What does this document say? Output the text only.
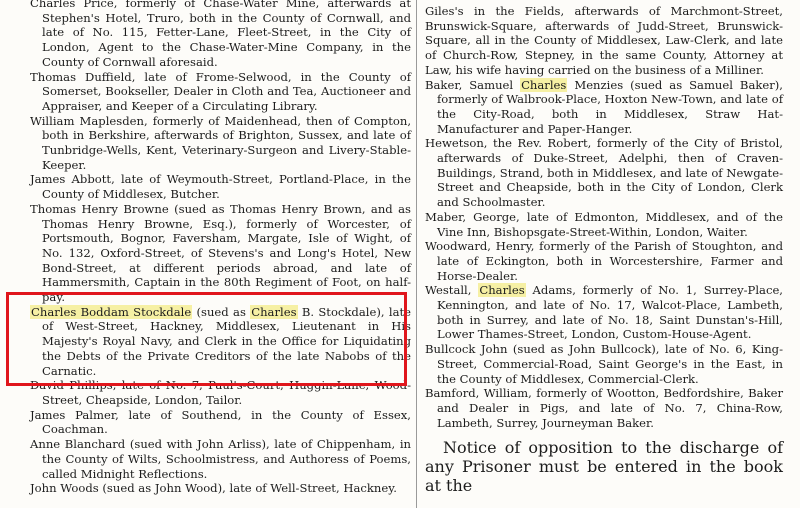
Charles Price, formerly of Chase-Water Mine, afterwards at Stephen's Hotel, Truro, both in the County of Cornwall, and late of No. 115, Fetter-Lane, Fleet-Street, in the City of London, Agent to the Chase-Water-Mine Company, in the County of Cornwall aforesaid.

Thomas Duffield, late of Frome-Selwood, in the County of Somerset, Bookseller, Dealer in Cloth and Tea, Auctioneer and Appraiser, and Keeper of a Circulating Library.

William Maplesden, formerly of Maidenhead, then of Compton, both in Berkshire, afterwards of Brighton, Sussex, and late of Tunbridge-Wells, Kent, Veterinary-Surgeon and Livery-Stable-Keeper.

James Abbott, late of Weymouth-Street, Portland-Place, in the County of Middlesex, Butcher.

Thomas Henry Browne (sued as Thomas Henry Brown, and as Thomas Henry Browne, Esq.), formerly of Worcester, of Portsmouth, Bognor, Faversham, Margate, Isle of Wight, of No. 132, Oxford-Street, of Stevens's and Long's Hotel, New Bond-Street, at different periods abroad, and late of Hammersmith, Captain in the 80th Regiment of Foot, on half-pay.

Charles Boddam Stockdale (sued as Charles B. Stockdale), late of West-Street, Hackney, Middlesex, Lieutenant in His Majesty's Royal Navy, and Clerk in the Office for Liquidating the Debts of the Private Creditors of the late Nabobs of the Carnatic.

David Phillips, late of No. 7, Paul's-Court, Huggin-Lane, Wood-Street, Cheapside, London, Tailor.

James Palmer, late of Southend, in the County of Essex, Coachman.

Anne Blanchard (sued with John Arliss), late of Chippenham, in the County of Wilts, Schoolmistress, and Authoress of Poems, called Midnight Reflections.

John Woods (sued as John Wood), late of Well-Street, Hackney.

Giles's in the Fields, afterwards of Marchmont-Street, Brunswick-Square, afterwards of Judd-Street, Brunswick-Square, all in the County of Middlesex, Law-Clerk, and late of Church-Row, Stepney, in the same County, Attorney at Law, his wife having carried on the business of a Milliner.

Baker, Samuel Charles Menzies (sued as Samuel Baker), formerly of Walbrook-Place, Hoxton New-Town, and late of the City-Road, both in Middlesex, Straw Hat-Manufacturer and Paper-Hanger.

Hewetson, the Rev. Robert, formerly of the City of Bristol, afterwards of Duke-Street, Adelphi, then of Craven-Buildings, Strand, both in Middlesex, and late of Newgate-Street and Cheapside, both in the City of London, Clerk and Schoolmaster.

Maber, George, late of Edmonton, Middlesex, and of the Vine Inn, Bishopsgate-Street-Within, London, Waiter.

Woodward, Henry, formerly of the Parish of Stoughton, and late of Eckington, both in Worcestershire, Farmer and Horse-Dealer.

Westall, Charles Adams, formerly of No. 1, Surrey-Place, Kennington, and late of No. 17, Walcot-Place, Lambeth, both in Surrey, and late of No. 18, Saint Dunstan's-Hill, Lower Thames-Street, London, Custom-House-Agent.

Bullcock John (sued as John Bullcock), late of No. 6, King-Street, Commercial-Road, Saint George's in the East, in the County of Middlesex, Commercial-Clerk.

Bamford, William, formerly of Wootton, Bedfordshire, Baker and Dealer in Pigs, and late of No. 7, China-Row, Lambeth, Surrey, Journeyman Baker.

Notice of opposition to the discharge of any Prisoner must be entered in the book at the
